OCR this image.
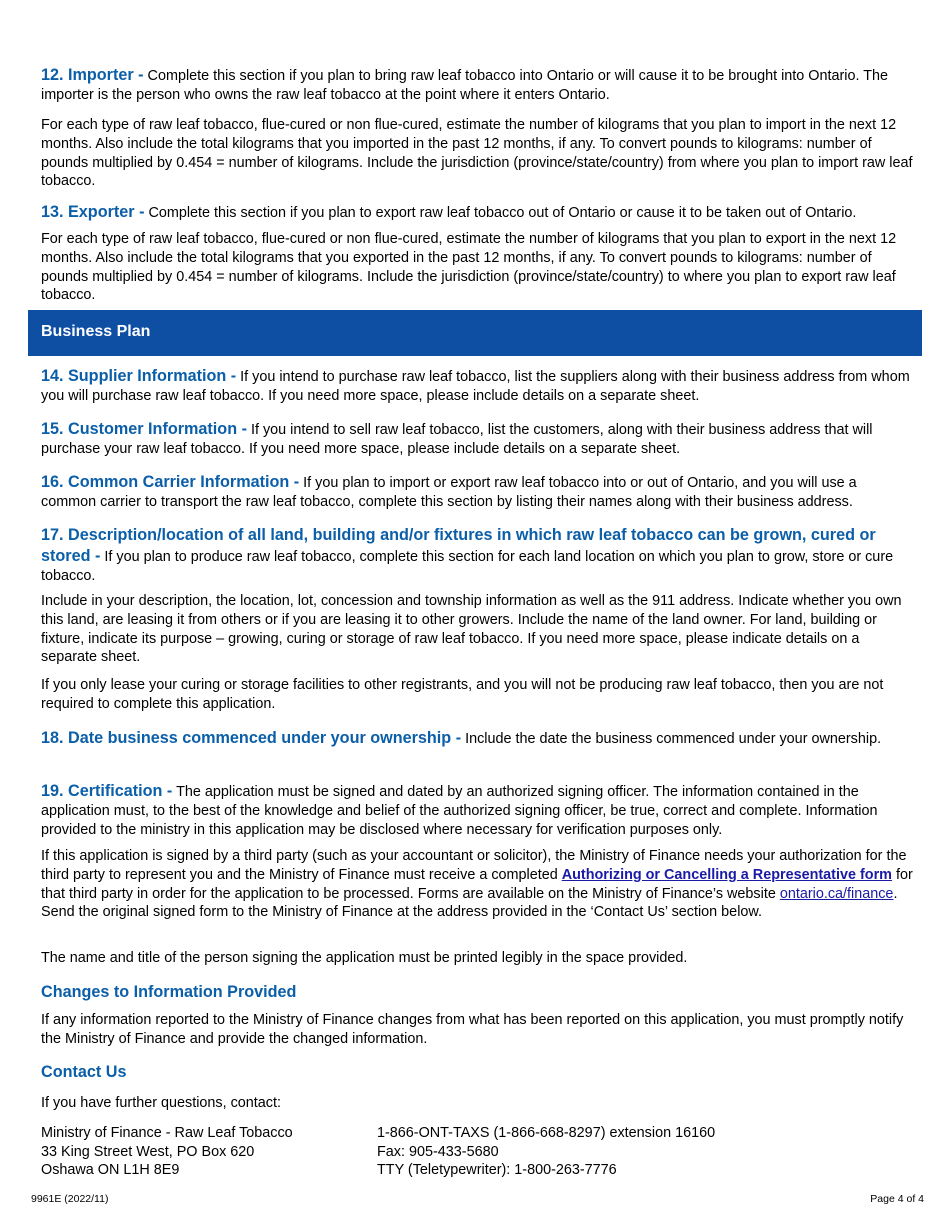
12. Importer - Complete this section if you plan to bring raw leaf tobacco into Ontario or will cause it to be brought into Ontario. The importer is the person who owns the raw leaf tobacco at the point where it enters Ontario.

For each type of raw leaf tobacco, flue-cured or non flue-cured, estimate the number of kilograms that you plan to import in the next 12 months. Also include the total kilograms that you imported in the past 12 months, if any. To convert pounds to kilograms: number of pounds multiplied by 0.454 = number of kilograms. Include the jurisdiction (province/state/country) from where you plan to import raw leaf tobacco.

13. Exporter - Complete this section if you plan to export raw leaf tobacco out of Ontario or cause it to be taken out of Ontario.

For each type of raw leaf tobacco, flue-cured or non flue-cured, estimate the number of kilograms that you plan to export in the next 12 months. Also include the total kilograms that you exported in the past 12 months, if any. To convert pounds to kilograms: number of pounds multiplied by 0.454 = number of kilograms. Include the jurisdiction (province/state/country) to where you plan to export raw leaf tobacco.

Business Plan

14. Supplier Information - If you intend to purchase raw leaf tobacco, list the suppliers along with their business address from whom you will purchase raw leaf tobacco. If you need more space, please include details on a separate sheet.

15. Customer Information - If you intend to sell raw leaf tobacco, list the customers, along with their business address that will purchase your raw leaf tobacco. If you need more space, please include details on a separate sheet.

16. Common Carrier Information - If you plan to import or export raw leaf tobacco into or out of Ontario, and you will use a common carrier to transport the raw leaf tobacco, complete this section by listing their names along with their business address.

17. Description/location of all land, building and/or fixtures in which raw leaf tobacco can be grown, cured or stored - If you plan to produce raw leaf tobacco, complete this section for each land location on which you plan to grow, store or cure tobacco.

Include in your description, the location, lot, concession and township information as well as the 911 address. Indicate whether you own this land, are leasing it from others or if you are leasing it to other growers. Include the name of the land owner. For land, building or fixture, indicate its purpose – growing, curing or storage of raw leaf tobacco. If you need more space, please indicate details on a separate sheet.

If you only lease your curing or storage facilities to other registrants, and you will not be producing raw leaf tobacco, then you are not required to complete this application.

18. Date business commenced under your ownership - Include the date the business commenced under your ownership.

19. Certification - The application must be signed and dated by an authorized signing officer. The information contained in the application must, to the best of the knowledge and belief of the authorized signing officer, be true, correct and complete. Information provided to the ministry in this application may be disclosed where necessary for verification purposes only.

If this application is signed by a third party (such as your accountant or solicitor), the Ministry of Finance needs your authorization for the third party to represent you and the Ministry of Finance must receive a completed Authorizing or Cancelling a Representative form for that third party in order for the application to be processed. Forms are available on the Ministry of Finance’s website ontario.ca/finance. Send the original signed form to the Ministry of Finance at the address provided in the ‘Contact Us’ section below.

The name and title of the person signing the application must be printed legibly in the space provided.

Changes to Information Provided

If any information reported to the Ministry of Finance changes from what has been reported on this application, you must promptly notify the Ministry of Finance and provide the changed information.

Contact Us

If you have further questions, contact:

Ministry of Finance - Raw Leaf Tobacco
33 King Street West, PO Box 620
Oshawa ON L1H 8E9
1-866-ONT-TAXS (1-866-668-8297) extension 16160
Fax: 905-433-5680
TTY (Teletypewriter): 1-800-263-7776
9961E (2022/11)	Page 4 of 4
